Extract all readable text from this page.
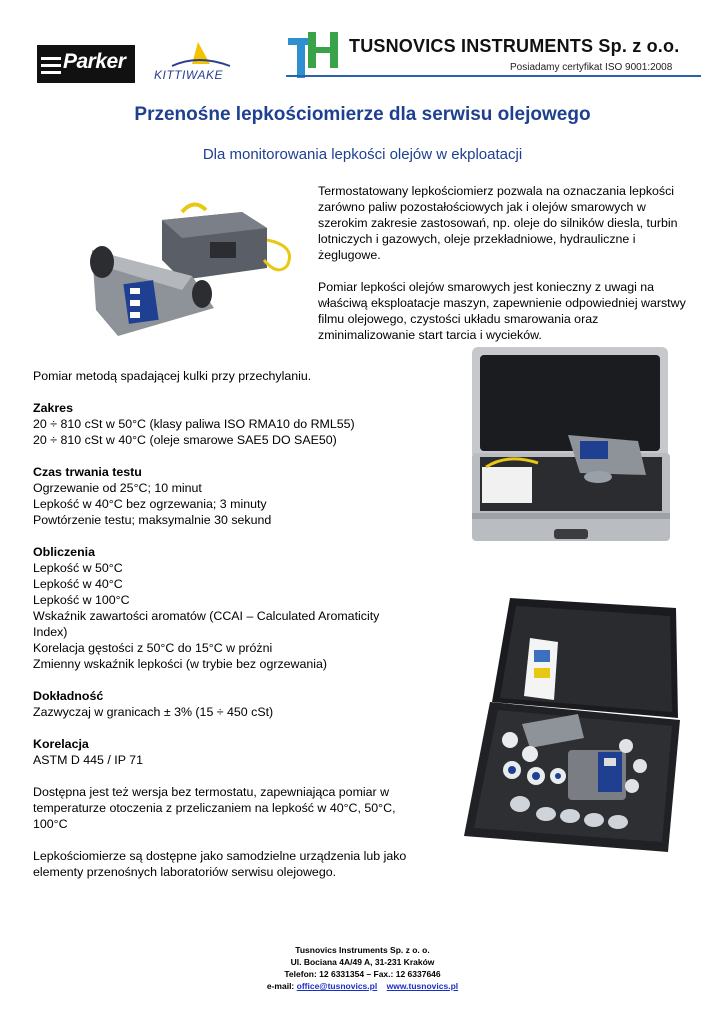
Parker
KITTIWAKE
TUSNOVICS INSTRUMENTS Sp. z o.o.
Posiadamy certyfikat ISO 9001:2008
Przenośne lepkościomierze dla serwisu olejowego
Dla monitorowania lepkości olejów w ekploatacji

Termostatowany lepkościomierz pozwala na oznaczania lepkości zarówno paliw pozostałościowych jak i olejów smarowych w szerokim zakresie zastosowań, np. oleje do silników diesla, turbin lotniczych i gazowych, oleje przekładniowe, hydrauliczne i żeglugowe.

Pomiar lepkości olejów smarowych jest konieczny z uwagi na właściwą eksploatacje maszyn, zapewnienie odpowiedniej warstwy filmu olejowego, czystości układu smarowania oraz zminimalizowanie start tarcia i wycieków.

Pomiar metodą spadającej kulki przy przechylaniu.

Zakres
20 ÷ 810 cSt w 50°C (klasy paliwa ISO RMA10 do RML55)
20 ÷ 810 cSt w 40°C (oleje smarowe SAE5 DO SAE50)

Czas trwania testu
Ogrzewanie od 25°C; 10 minut
Lepkość w 40°C bez ogrzewania; 3 minuty
Powtórzenie testu; maksymalnie 30 sekund

Obliczenia
Lepkość w 50°C
Lepkość w 40°C
Lepkość w 100°C
Wskaźnik zawartości aromatów (CCAI – Calculated Aromaticity Index)
Korelacja gęstości z 50°C do 15°C w próżni
Zmienny wskaźnik lepkości (w trybie bez ogrzewania)

Dokładność
Zazwyczaj w granicach ± 3% (15 ÷ 450 cSt)

Korelacja
ASTM D 445 / IP 71

Dostępna jest też wersja bez termostatu, zapewniająca pomiar w temperaturze otoczenia z przeliczaniem na lepkość w 40°C, 50°C, 100°C

Lepkościomierze są dostępne jako samodzielne urządzenia lub jako elementy przenośnych laboratoriów serwisu olejowego.

Tusnovics Instruments Sp. z o. o.
Ul. Bociana 4A/49 A, 31-231 Kraków
Telefon: 12 6331354 – Fax.: 12 6337646
e-mail: office@tusnovics.pl www.tusnovics.pl
